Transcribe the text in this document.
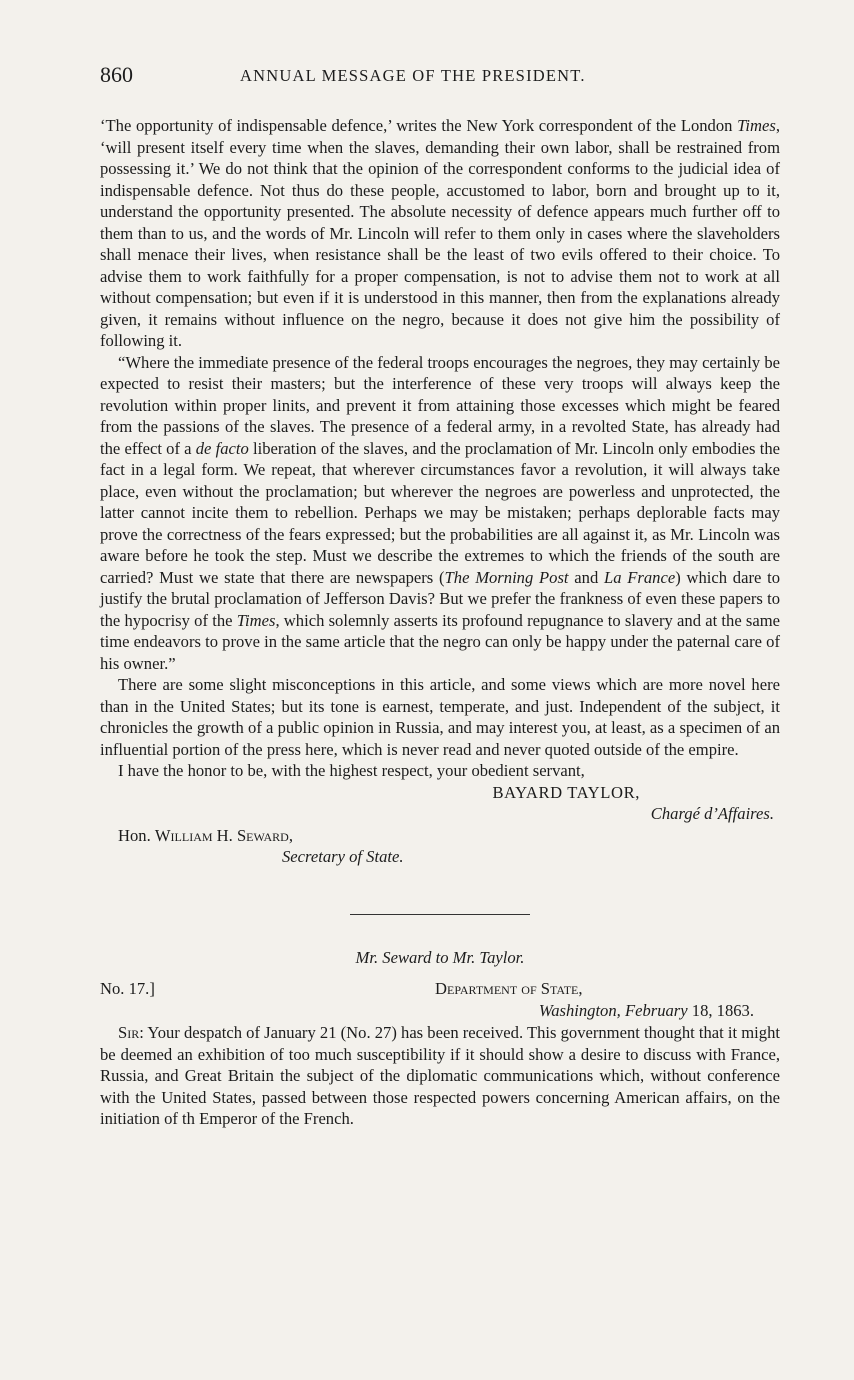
860	ANNUAL MESSAGE OF THE PRESIDENT.

‘The opportunity of indispensable defence,’ writes the New York correspondent of the London Times, ‘will present itself every time when the slaves, demanding their own labor, shall be restrained from possessing it.’ We do not think that the opinion of the correspondent conforms to the judicial idea of indispensable defence. Not thus do these people, accustomed to labor, born and brought up to it, understand the opportunity presented. The absolute necessity of defence appears much further off to them than to us, and the words of Mr. Lincoln will refer to them only in cases where the slaveholders shall menace their lives, when resistance shall be the least of two evils offered to their choice. To advise them to work faithfully for a proper compensation, is not to advise them not to work at all without compensation; but even if it is understood in this manner, then from the explanations already given, it remains without influence on the negro, because it does not give him the possibility of following it.

“Where the immediate presence of the federal troops encourages the negroes, they may certainly be expected to resist their masters; but the interference of these very troops will always keep the revolution within proper linits, and prevent it from attaining those excesses which might be feared from the passions of the slaves. The presence of a federal army, in a revolted State, has already had the effect of a de facto liberation of the slaves, and the proclamation of Mr. Lincoln only embodies the fact in a legal form. We repeat, that wherever circumstances favor a revolution, it will always take place, even without the proclamation; but wherever the negroes are powerless and unprotected, the latter cannot incite them to rebellion. Perhaps we may be mistaken; perhaps deplorable facts may prove the correctness of the fears expressed; but the probabilities are all against it, as Mr. Lincoln was aware before he took the step. Must we describe the extremes to which the friends of the south are carried? Must we state that there are newspapers (The Morning Post and La France) which dare to justify the brutal proclamation of Jefferson Davis? But we prefer the frankness of even these papers to the hypocrisy of the Times, which solemnly asserts its profound repugnance to slavery and at the same time endeavors to prove in the same article that the negro can only be happy under the paternal care of his owner.”

There are some slight misconceptions in this article, and some views which are more novel here than in the United States; but its tone is earnest, temperate, and just. Independent of the subject, it chronicles the growth of a public opinion in Russia, and may interest you, at least, as a specimen of an influential portion of the press here, which is never read and never quoted outside of the empire.

I have the honor to be, with the highest respect, your obedient servant,

BAYARD TAYLOR,
Chargé d’Affaires.
Hon. William H. Seward,
Secretary of State.
Mr. Seward to Mr. Taylor.
No. 17.]	Department of State,
Washington, February 18, 1863.

Sir: Your despatch of January 21 (No. 27) has been received. This government thought that it might be deemed an exhibition of too much susceptibility if it should show a desire to discuss with France, Russia, and Great Britain the subject of the diplomatic communications which, without conference with the United States, passed between those respected powers concerning American affairs, on the initiation of th Emperor of the French.
